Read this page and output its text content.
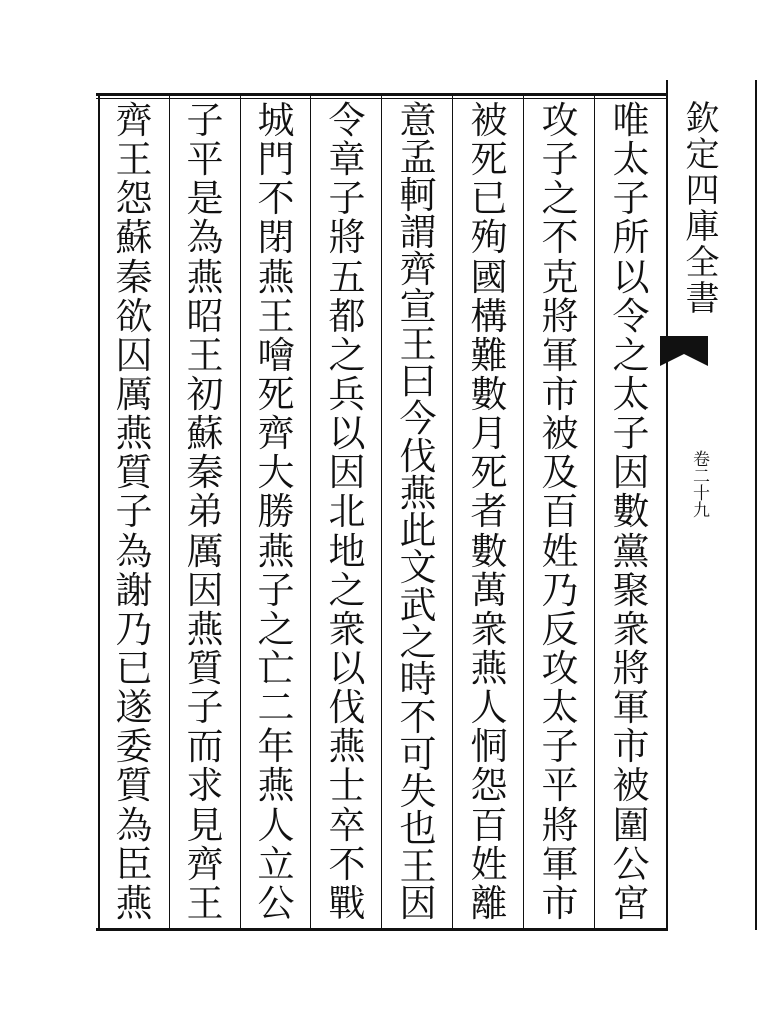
唯
太
子
所
以
令
之
太
子
因
數
黨
聚
衆
將
軍
市
被
圍
公
宮
攻
子
之
不
克
將
軍
市
被
及
百
姓
乃
反
攻
太
子
平
將
軍
市
被
死
已
殉
國
構
難
數
月
死
者
數
萬
衆
燕
人
恫
怨
百
姓
離
意
孟
軻
謂
齊
宣
王
曰
今
伐
燕
此
文
武
之
時
不
可
失
也
王
因
令
章
子
將
五
都
之
兵
以
因
北
地
之
衆
以
伐
燕
士
卒
不
戰
城
門
不
閉
燕
王
噲
死
齊
大
勝
燕
子
之
亡
二
年
燕
人
立
公
子
平
是
為
燕
昭
王
初
蘇
秦
弟
厲
因
燕
質
子
而
求
見
齊
王
齊
王
怨
蘇
秦
欲
囚
厲
燕
質
子
為
謝
乃
已
遂
委
質
為
臣
燕
欽定四庫全書
卷二十九
